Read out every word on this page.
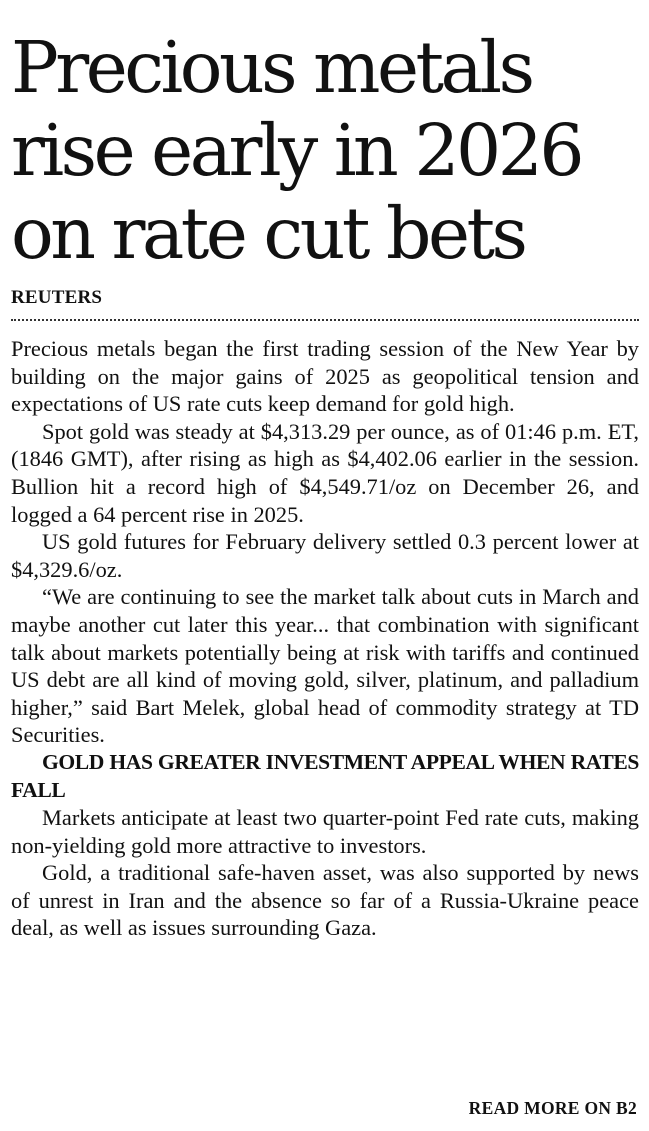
Precious metals
rise early in 2026
on rate cut bets
REUTERS

Precious metals began the first trading session of the New Year by building on the major gains of 2025 as geopolitical tension and expectations of US rate cuts keep demand for gold high.

Spot gold was steady at $4,313.29 per ounce, as of 01:46 p.m. ET, (1846 GMT), after rising as high as $4,402.06 earlier in the session. Bullion hit a record high of $4,549.71/oz on December 26, and logged a 64 percent rise in 2025.

US gold futures for February delivery settled 0.3 percent lower at $4,329.6/oz.

“We are continuing to see the market talk about cuts in March and maybe another cut later this year... that combination with significant talk about markets potentially being at risk with tariffs and continued US debt are all kind of moving gold, silver, platinum, and palladium higher,” said Bart Melek, global head of commodity strategy at TD Securities.

GOLD HAS GREATER INVESTMENT APPEAL WHEN RATES FALL

Markets anticipate at least two quarter-point Fed rate cuts, making non-yielding gold more attractive to investors.

Gold, a traditional safe-haven asset, was also supported by news of unrest in Iran and the absence so far of a Russia-Ukraine peace deal, as well as issues surrounding Gaza.

READ MORE ON B2
